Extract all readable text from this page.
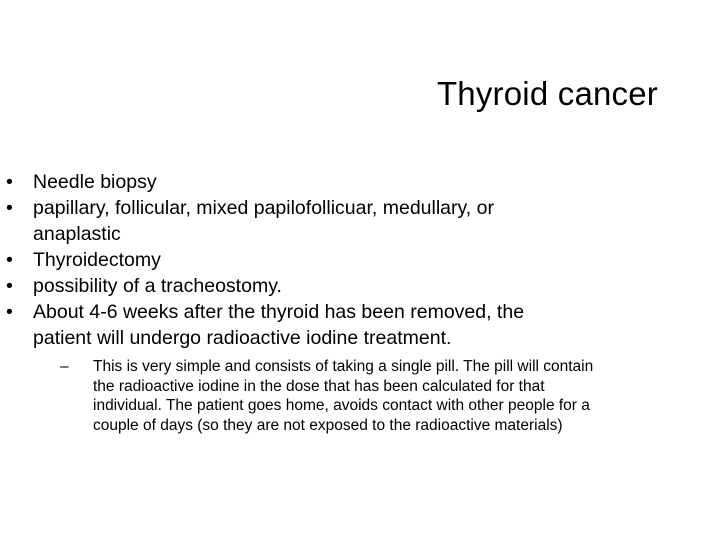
Thyroid cancer
•	Needle biopsy
•	papillary, follicular, mixed papilofollicuar, medullary, or anaplastic
•	Thyroidectomy
•	possibility of a tracheostomy.
•	About 4-6 weeks after the thyroid has been removed, the patient will undergo radioactive iodine treatment.
– This is very simple and consists of taking a single pill. The pill will contain the radioactive iodine in the dose that has been calculated for that individual. The patient goes home, avoids contact with other people for a couple of days (so they are not exposed to the radioactive materials)
